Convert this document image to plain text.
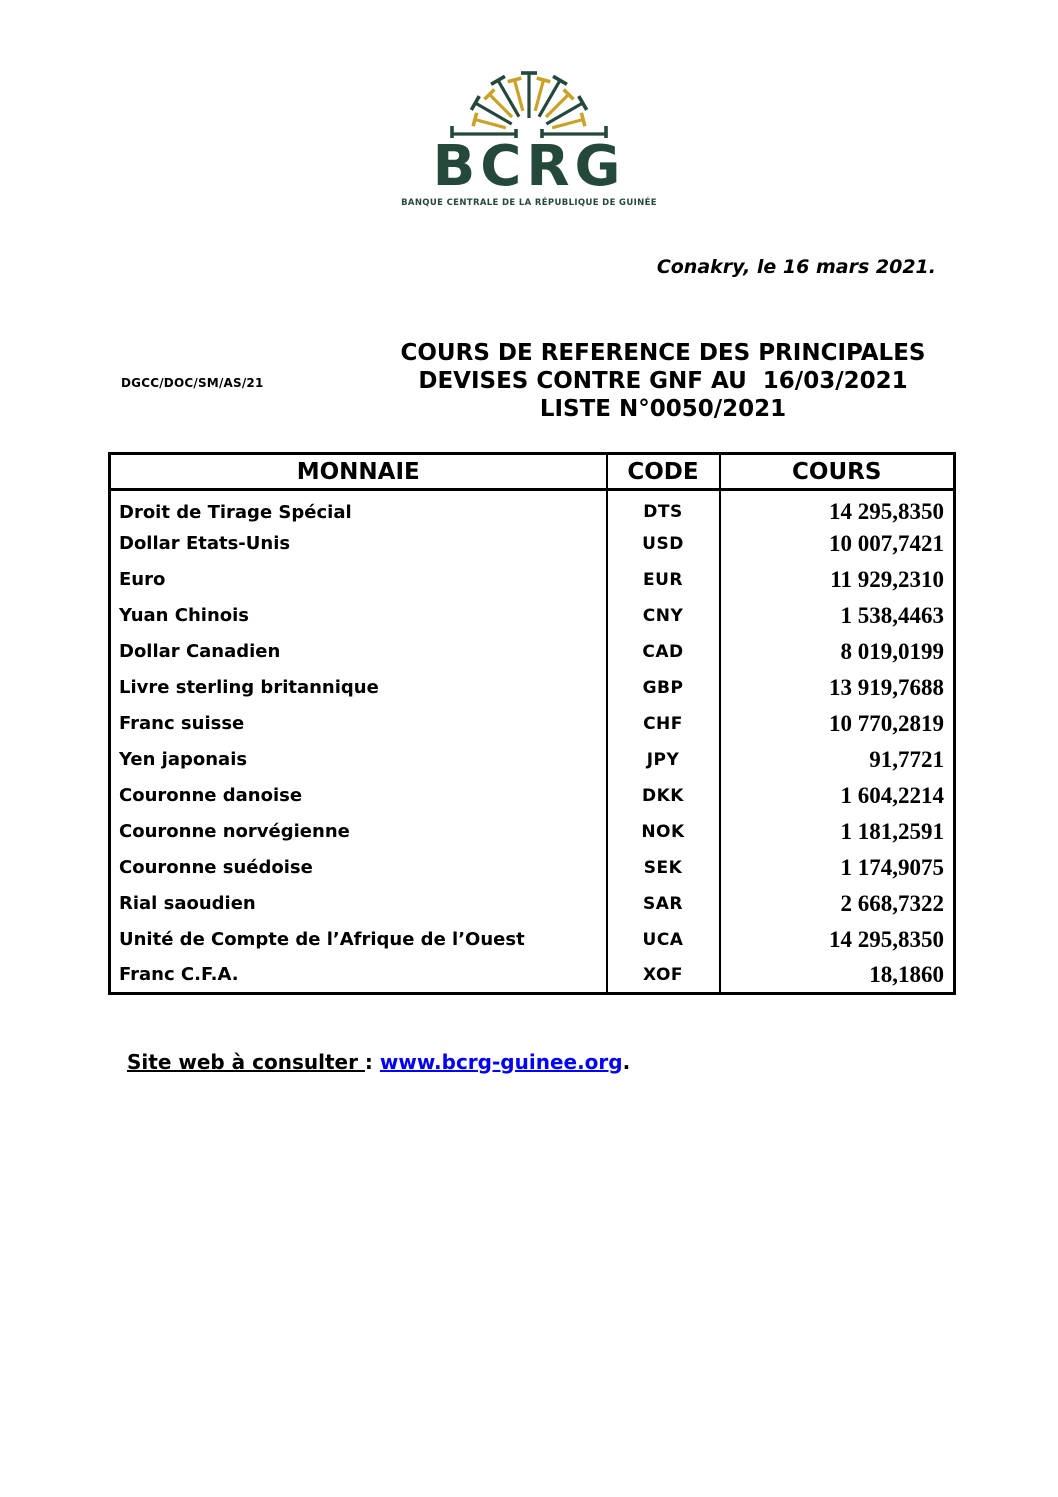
BCRG
BANQUE CENTRALE DE LA RÉPUBLIQUE DE GUINÉE
Conakry, le 16 mars 2021.
DGCC/DOC/SM/AS/21
COURS DE REFERENCE DES PRINCIPALES
DEVISES CONTRE GNF AU  16/03/2021
LISTE N°0050/2021
MONNAIE	CODE	COURS
Droit de Tirage Spécial	DTS	14 295,8350
Dollar Etats-Unis	USD	10 007,7421
Euro	EUR	11 929,2310
Yuan Chinois	CNY	1 538,4463
Dollar Canadien	CAD	8 019,0199
Livre sterling britannique	GBP	13 919,7688
Franc suisse	CHF	10 770,2819
Yen japonais	JPY	91,7721
Couronne danoise	DKK	1 604,2214
Couronne norvégienne	NOK	1 181,2591
Couronne suédoise	SEK	1 174,9075
Rial saoudien	SAR	2 668,7322
Unité de Compte de l’Afrique de l’Ouest	UCA	14 295,8350
Franc C.F.A.	XOF	18,1860
Site web à consulter : www.bcrg-guinee.org.
